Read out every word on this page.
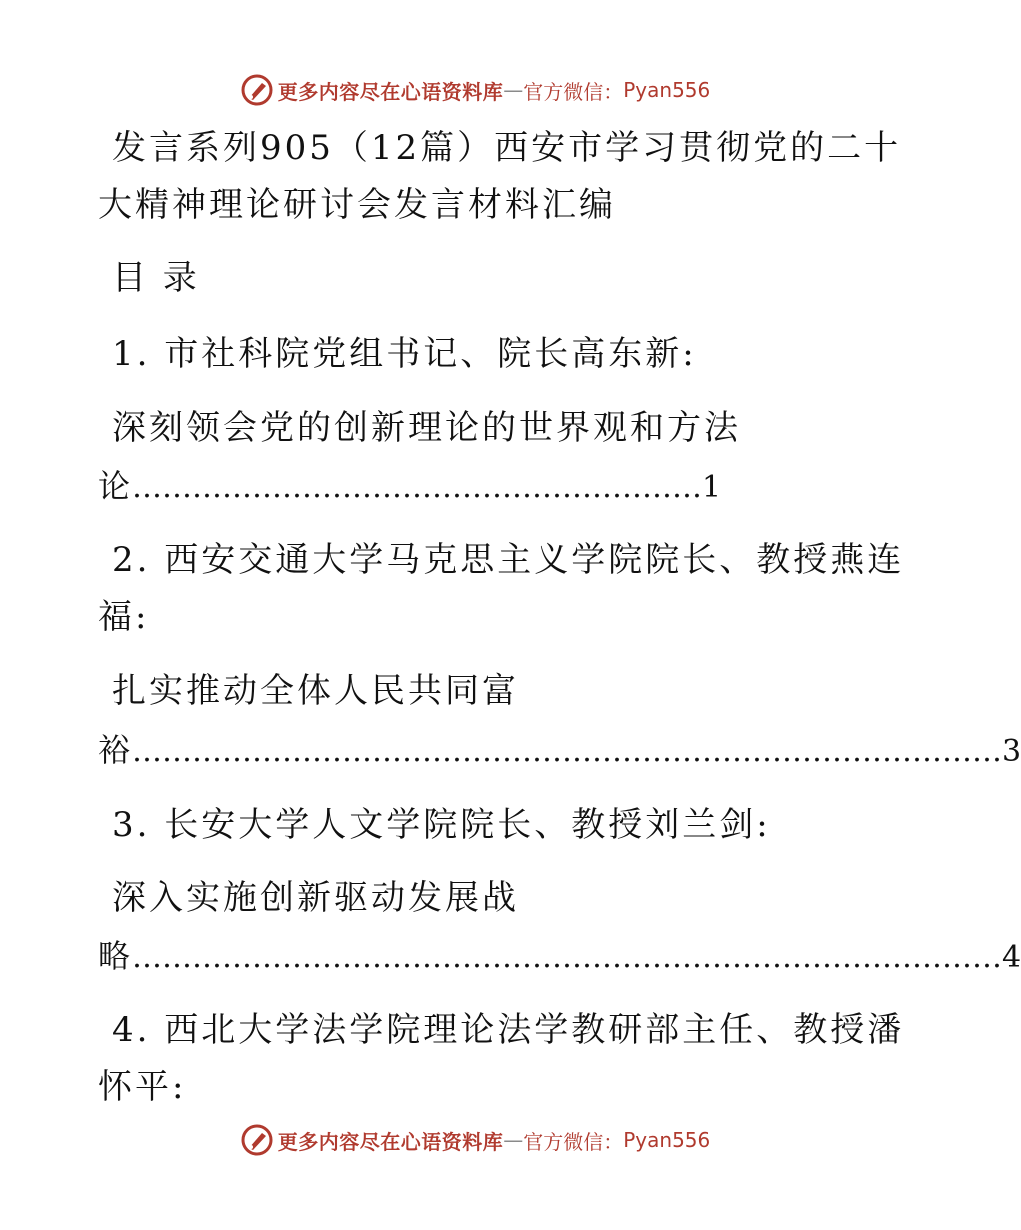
更多内容尽在心语资料库 — 官方微信： Pyan556
发言系列905（12篇）西安市学习贯彻党的二十
大精神理论研讨会发言材料汇编
目 录
1. 市社科院党组书记、院长高东新:
深刻领会党的创新理论的世界观和方法
论…………………………………………………1
2. 西安交通大学马克思主义学院院长、教授燕连
福:
扎实推动全体人民共同富
裕……………………………………………………………………………3
3. 长安大学人文学院院长、教授刘兰剑:
深入实施创新驱动发展战
略……………………………………………………………………………4
4. 西北大学法学院理论法学教研部主任、教授潘
怀平:
更多内容尽在心语资料库 — 官方微信： Pyan556
